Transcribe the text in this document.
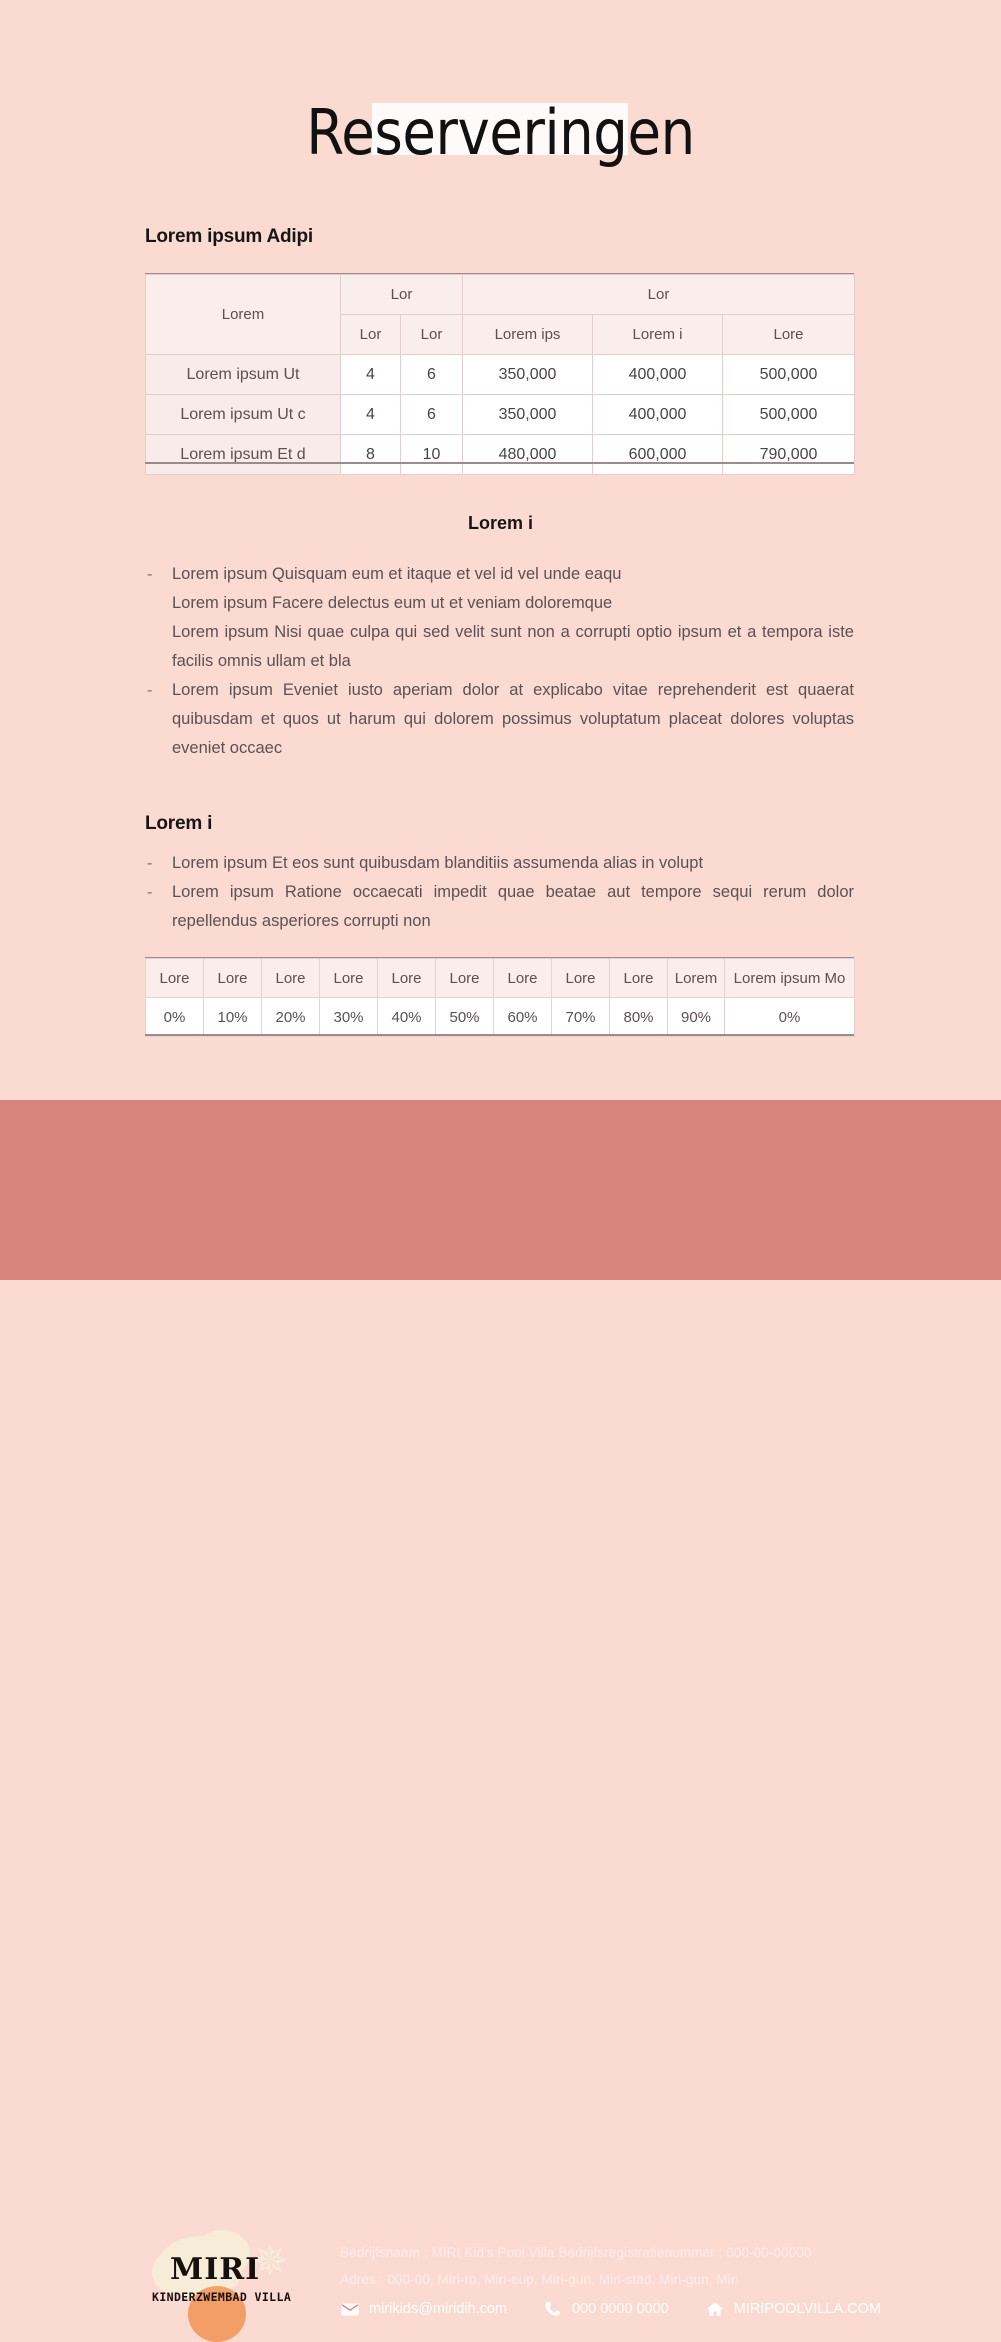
Reserveringen
Lorem ipsum Adipi
Lorem	Lor		Lor		
	Lor	Lor	Lorem ips	Lorem i	Lore
Lorem ipsum Ut	4	6	350,000	400,000	500,000
Lorem ipsum Ut c	4	6	350,000	400,000	500,000
Lorem ipsum Et d	8	10	480,000	600,000	790,000
Lorem i
- Lorem ipsum Quisquam eum et itaque et vel id vel unde eaqu
Lorem ipsum Facere delectus eum ut et veniam doloremque
Lorem ipsum Nisi quae culpa qui sed velit sunt non a corrupti optio ipsum et a tempora iste facilis omnis ullam et bla
- Lorem ipsum Eveniet iusto aperiam dolor at explicabo vitae reprehenderit est quaerat quibusdam et quos ut harum qui dolorem possimus voluptatum placeat dolores voluptas eveniet occaec
Lorem i
- Lorem ipsum Et eos sunt quibusdam blanditiis assumenda alias in volupt
- Lorem ipsum Ratione occaecati impedit quae beatae aut tempore sequi rerum dolor repellendus asperiores corrupti non
Lore	Lore	Lore	Lore	Lore	Lore	Lore	Lore	Lore	Lorem	Lorem ipsum Mo
0%	10%	20%	30%	40%	50%	60%	70%	80%	90%	0%
✵
MIRI
KINDERZWEMBAD VILLA
Bedrijfsnaam : MIRI Kid's Pool Villa Bedrijfsregistratienummer : 000-00-00000
Adres : 000-00, Miri-ro, Miri-eup, Miri-gun, Miri-stad, Miri-gun, Miri
mirikids@miridih.com	000 0000 0000	MIRIPOOLVILLA.COM
